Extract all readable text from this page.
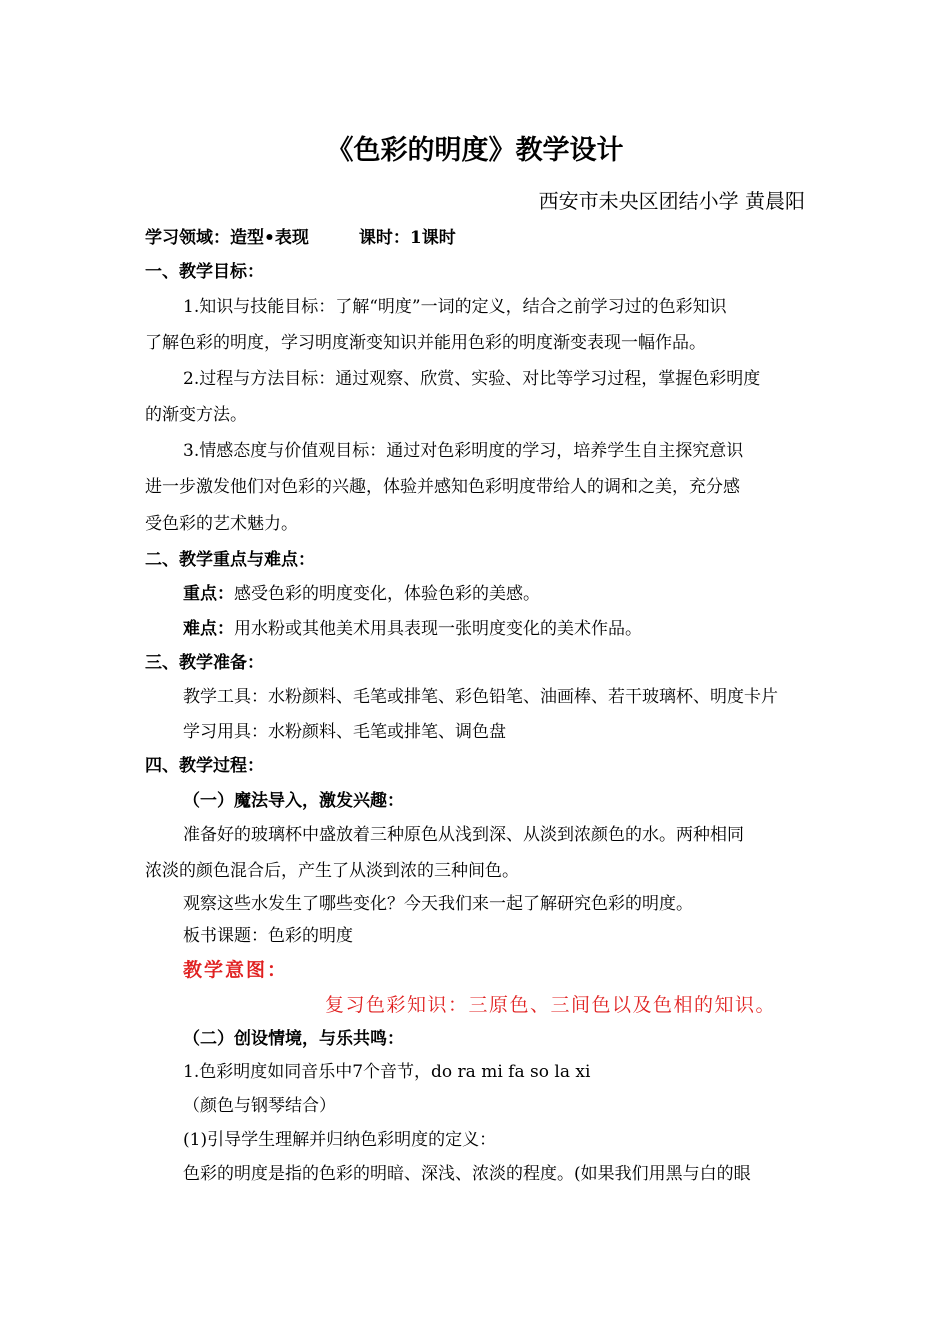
《色彩的明度》教学设计
西安市未央区团结小学 黄晨阳
学习领域：造型•表现	课时：1课时
一、教学目标：
1.知识与技能目标：了解“明度”一词的定义，结合之前学习过的色彩知识
了解色彩的明度，学习明度渐变知识并能用色彩的明度渐变表现一幅作品。
2.过程与方法目标：通过观察、欣赏、实验、对比等学习过程，掌握色彩明度
的渐变方法。
3.情感态度与价值观目标：通过对色彩明度的学习，培养学生自主探究意识
进一步激发他们对色彩的兴趣，体验并感知色彩明度带给人的调和之美，充分感
受色彩的艺术魅力。
二、教学重点与难点：
重点：感受色彩的明度变化，体验色彩的美感。
难点：用水粉或其他美术用具表现一张明度变化的美术作品。
三、教学准备：
教学工具：水粉颜料、毛笔或排笔、彩色铅笔、油画棒、若干玻璃杯、明度卡片
学习用具：水粉颜料、毛笔或排笔、调色盘
四、教学过程：
（一）魔法导入，激发兴趣：
准备好的玻璃杯中盛放着三种原色从浅到深、从淡到浓颜色的水。两种相同
浓淡的颜色混合后，产生了从淡到浓的三种间色。
观察这些水发生了哪些变化？今天我们来一起了解研究色彩的明度。
板书课题：色彩的明度
教学意图：
复习色彩知识：三原色、三间色以及色相的知识。
（二）创设情境，与乐共鸣：
1.色彩明度如同音乐中7个音节，do ra mi fa so la xi
（颜色与钢琴结合）
(1)引导学生理解并归纳色彩明度的定义：
色彩的明度是指的色彩的明暗、深浅、浓淡的程度。(如果我们用黑与白的眼
